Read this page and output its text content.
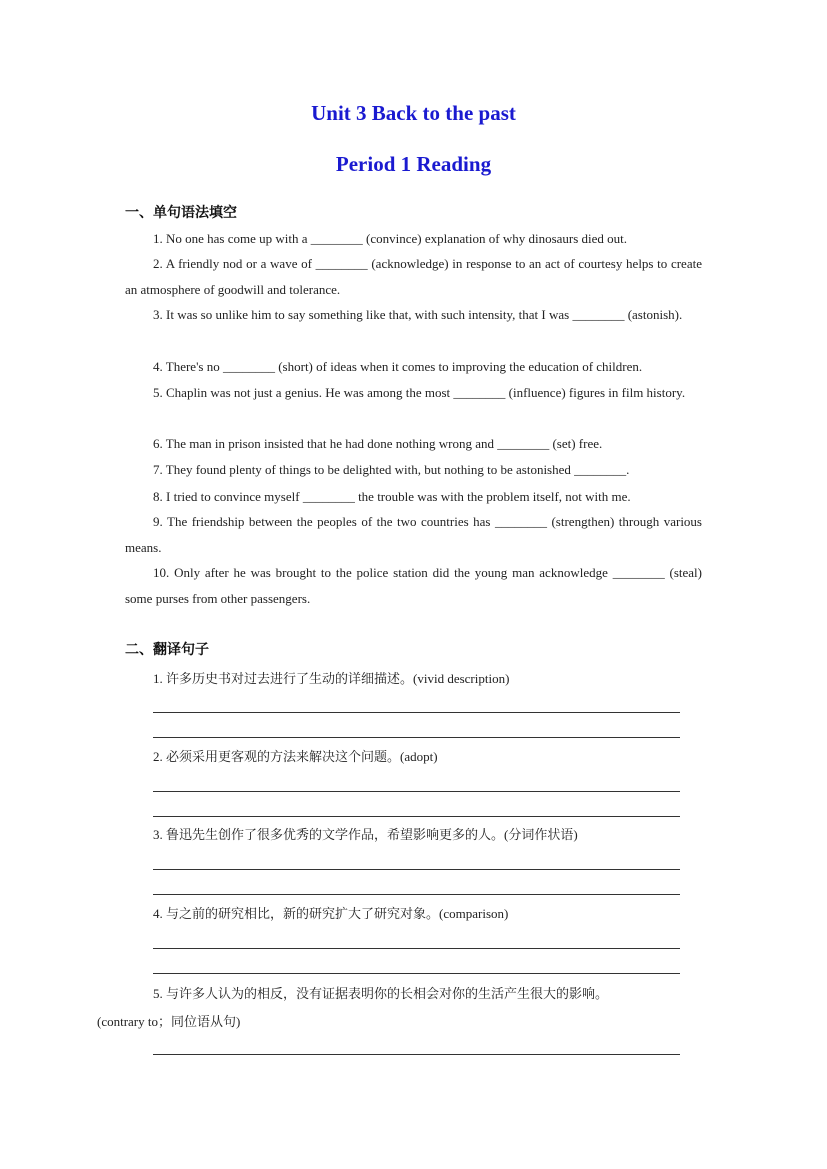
Unit 3 Back to the past
Period 1 Reading
一、单句语法填空
1. No one has come up with a ________ (convince) explanation of why dinosaurs died out.
2. A friendly nod or a wave of ________ (acknowledge) in response to an act of courtesy helps to create an atmosphere of goodwill and tolerance.
3. It was so unlike him to say something like that, with such intensity, that I was ________ (astonish).
4. There's no ________ (short) of ideas when it comes to improving the education of children.
5. Chaplin was not just a genius. He was among the most ________ (influence) figures in film history.
6. The man in prison insisted that he had done nothing wrong and ________ (set) free.
7. They found plenty of things to be delighted with, but nothing to be astonished ________.
8. I tried to convince myself ________ the trouble was with the problem itself, not with me.
9. The friendship between the peoples of the two countries has ________ (strengthen) through various means.
10. Only after he was brought to the police station did the young man acknowledge ________ (steal) some purses from other passengers.
二、翻译句子
1. 许多历史书对过去进行了生动的详细描述。(vivid description)
2. 必须采用更客观的方法来解决这个问题。(adopt)
3. 鲁迅先生创作了很多优秀的文学作品，希望影响更多的人。(分词作状语)
4. 与之前的研究相比，新的研究扩大了研究对象。(comparison)
5. 与许多人认为的相反，没有证据表明你的长相会对你的生活产生很大的影响。
(contrary to；同位语从句)
